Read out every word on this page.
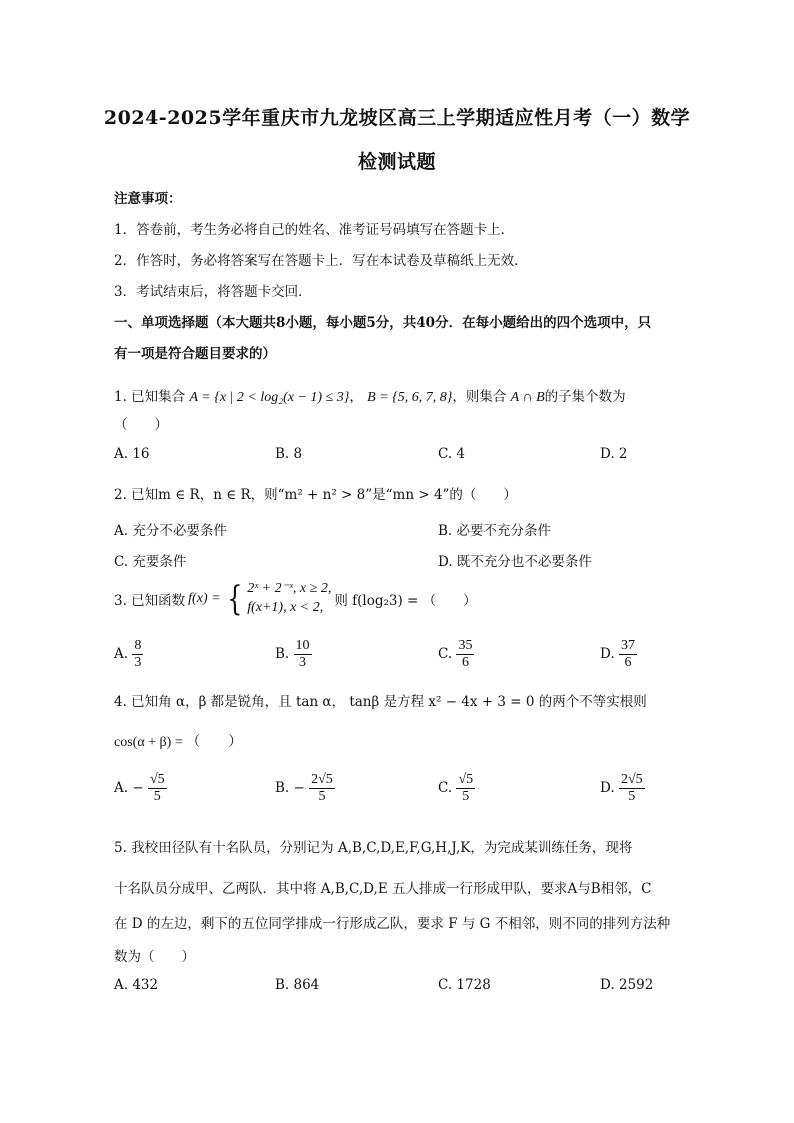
2024-2025学年重庆市九龙坡区高三上学期适应性月考（一）数学
检测试题
注意事项：
1．答卷前，考生务必将自己的姓名、准考证号码填写在答题卡上．
2．作答时，务必将答案写在答题卡上．写在本试卷及草稿纸上无效．
3．考试结束后，将答题卡交回．
一、单项选择题（本大题共8小题，每小题5分，共40分．在每小题给出的四个选项中，只
有一项是符合题目要求的）
1. 已知集合 A = {x | 2 < log₂(x − 1) ≤ 3}， B = {5, 6, 7, 8}，则集合 A ∩ B的子集个数为
（　　）
A. 16	B. 8	C. 4	D. 2
2. 已知m ∈ R，n ∈ R，则“m² + n² > 8”是“mn > 4”的（　　）
A. 充分不必要条件	B. 必要不充分条件
C. 充要条件	D. 既不充分也不必要条件
3. 已知函数 f(x) = { 2ˣ + 2⁻ˣ, x ≥ 2,
f(x+1), x < 2, 则 f(log₂3) = （　　）
A. $\frac{8}{3}$	B. $\frac{10}{3}$	C. $\frac{35}{6}$	D. $\frac{37}{6}$
4. 已知角 α，β 都是锐角，且 tan α， tanβ 是方程 x² − 4x + 3 = 0 的两个不等实根则
cos(α + β) = （　　）
A. − $\frac{√5}{5}$	B. − $\frac{2√5}{5}$	C. $\frac{√5}{5}$	D. $\frac{2√5}{5}$
5. 我校田径队有十名队员，分别记为 A,B,C,D,E,F,G,H,J,K，为完成某训练任务，现将
十名队员分成甲、乙两队．其中将 A,B,C,D,E 五人排成一行形成甲队，要求A与B相邻，C
在 D 的左边，剩下的五位同学排成一行形成乙队，要求 F 与 G 不相邻，则不同的排列方法种
数为（　　）
A. 432	B. 864	C. 1728	D. 2592
